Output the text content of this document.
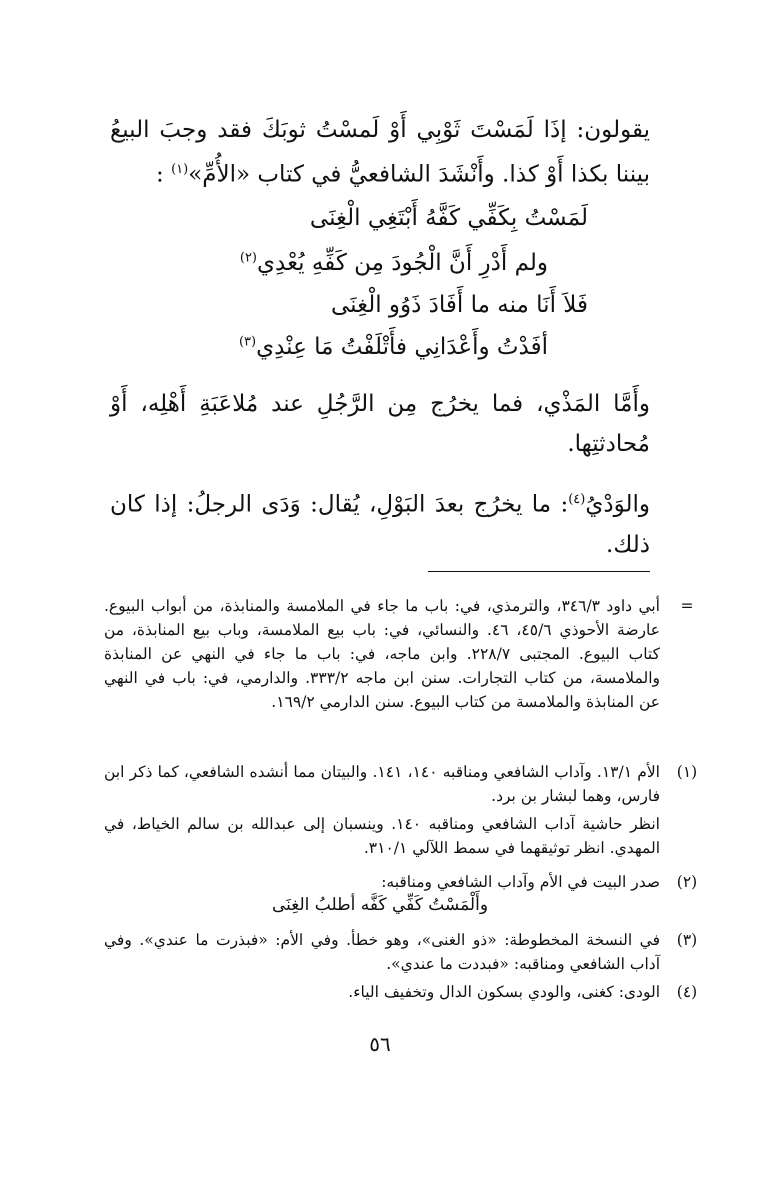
يقولون: إذَا لَمَسْتَ ثَوْبِي أَوْ لَمسْتُ ثوبَكَ فقد وجبَ البيعُ بيننا بكذا أَوْ كذا. وأَنْشَدَ الشافعيُّ في كتاب «الأُمِّ»$^{(١)}$ :
لَمَسْتُ بِكَفِّي كَفَّهُ أَبْتَغِي الْغِنَى
ولم أَدْرِ أَنَّ الْجُودَ مِن كَفِّهِ يُعْدِي$^{(٢)}$
فَلاَ أَنَا منه ما أَفَادَ ذَوُو الْغِنَى
أفَدْتُ وأَعْدَانِي فأَتْلَفْتُ مَا عِنْدِي$^{(٣)}$
وأَمَّا المَذْي، فما يخرُج مِن الرَّجُلِ عند مُلاعَبَةِ أَهْلِه، أَوْ مُحادثتِها.
والوَدْيُ$^{(٤)}$: ما يخرُج بعدَ البَوْلِ، يُقال: وَدَى الرجلُ: إذا كان ذلك.
=
أبي داود ٣٤٦/٣، والترمذي، في: باب ما جاء في الملامسة والمنابذة، من أبواب البيوع. عارضة الأحوذي ٤٥/٦، ٤٦. والنسائي، في: باب بيع الملامسة، وباب بيع المنابذة، من كتاب البيوع. المجتبى ٢٢٨/٧. وابن ماجه، في: باب ما جاء في النهي عن المنابذة والملامسة، من كتاب التجارات. سنن ابن ماجه ٣٣٣/٢. والدارمي، في: باب في النهي عن المنابذة والملامسة من كتاب البيوع. سنن الدارمي ١٦٩/٢.
(١)
الأم ١٣/١. وآداب الشافعي ومناقبه ١٤٠، ١٤١. والبيتان مما أنشده الشافعي، كما ذكر ابن فارس، وهما لبشار بن برد.
انظر حاشية آداب الشافعي ومناقبه ١٤٠. وينسبان إلى عبدالله بن سالم الخياط، في المهدي. انظر توثيقهما في سمط اللآلي ٣١٠/١.
(٢)
صدر البيت في الأم وآداب الشافعي ومناقبه:
وأَلْمَسْتُ كَفِّي كَفَّه أطلبُ الغِنَى
(٣)
في النسخة المخطوطة: «ذو الغنى»، وهو خطأ. وفي الأم: «فبذرت ما عندي». وفي آداب الشافعي ومناقبه: «فبددت ما عندي».
(٤)
الودى: كغنى، والودي بسكون الدال وتخفيف الياء.
٥٦
